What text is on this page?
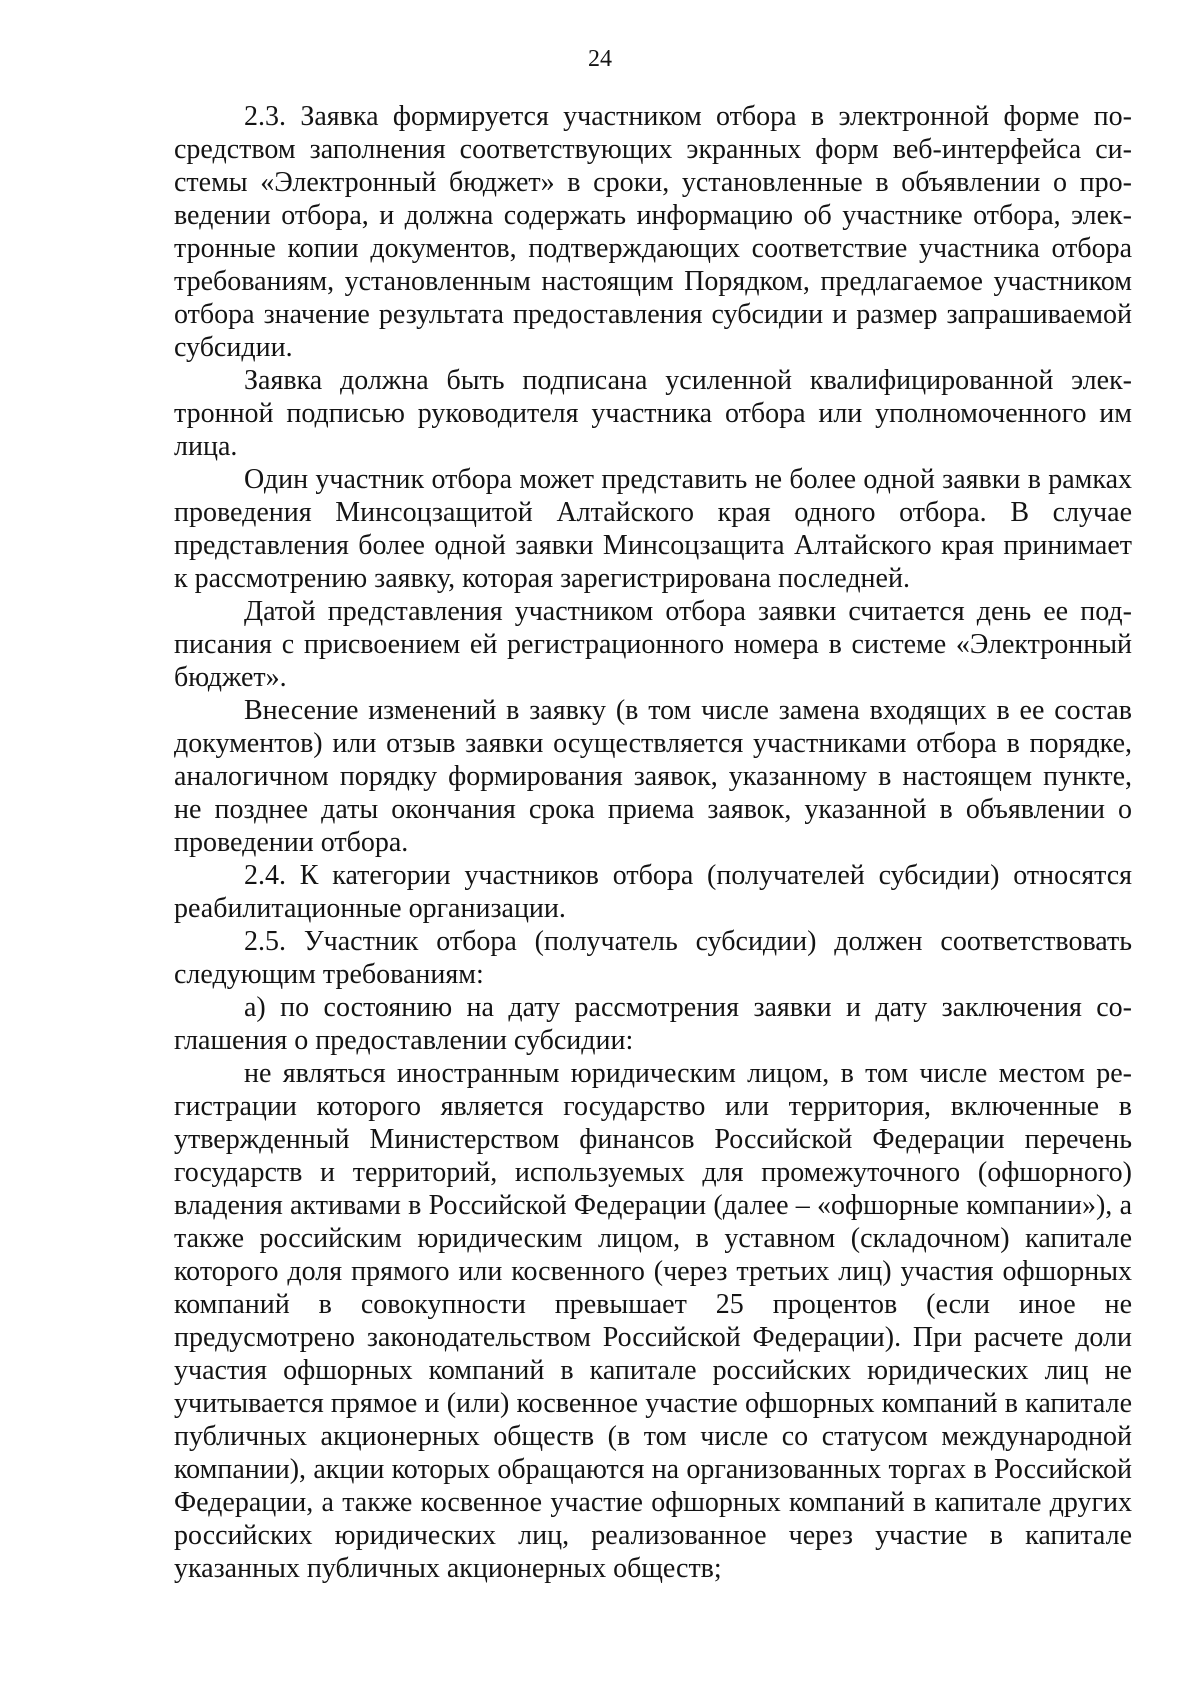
24

2.3. Заявка формируется участником отбора в электронной форме посредством заполнения соответствующих экранных форм веб-интерфейса системы «Электронный бюджет» в сроки, установленные в объявлении о проведении отбора, и должна содержать информацию об участнике отбора, электронные копии документов, подтверждающих соответствие участника отбора требованиям, установленным настоящим Порядком, предлагаемое участником отбора значение результата предоставления субсидии и размер запрашиваемой субсидии.

Заявка должна быть подписана усиленной квалифицированной электронной подписью руководителя участника отбора или уполномоченного им лица.

Один участник отбора может представить не более одной заявки в рамках проведения Минсоцзащитой Алтайского края одного отбора. В случае представления более одной заявки Минсоцзащита Алтайского края принимает к рассмотрению заявку, которая зарегистрирована последней.

Датой представления участником отбора заявки считается день ее подписания с присвоением ей регистрационного номера в системе «Электронный бюджет».

Внесение изменений в заявку (в том числе замена входящих в ее состав документов) или отзыв заявки осуществляется участниками отбора в порядке, аналогичном порядку формирования заявок, указанному в настоящем пункте, не позднее даты окончания срока приема заявок, указанной в объявлении о проведении отбора.

2.4. К категории участников отбора (получателей субсидии) относятся реабилитационные организации.

2.5. Участник отбора (получатель субсидии) должен соответствовать следующим требованиям:

а) по состоянию на дату рассмотрения заявки и дату заключения соглашения о предоставлении субсидии:

не являться иностранным юридическим лицом, в том числе местом регистрации которого является государство или территория, включенные в утвержденный Министерством финансов Российской Федерации перечень государств и территорий, используемых для промежуточного (офшорного) владения активами в Российской Федерации (далее – «офшорные компании»), а также российским юридическим лицом, в уставном (складочном) капитале которого доля прямого или косвенного (через третьих лиц) участия офшорных компаний в совокупности превышает 25 процентов (если иное не предусмотрено законодательством Российской Федерации). При расчете доли участия офшорных компаний в капитале российских юридических лиц не учитывается прямое и (или) косвенное участие офшорных компаний в капитале публичных акционерных обществ (в том числе со статусом международной компании), акции которых обращаются на организованных торгах в Российской Федерации, а также косвенное участие офшорных компаний в капитале других российских юридических лиц, реализованное через участие в капитале указанных публичных акционерных обществ;
